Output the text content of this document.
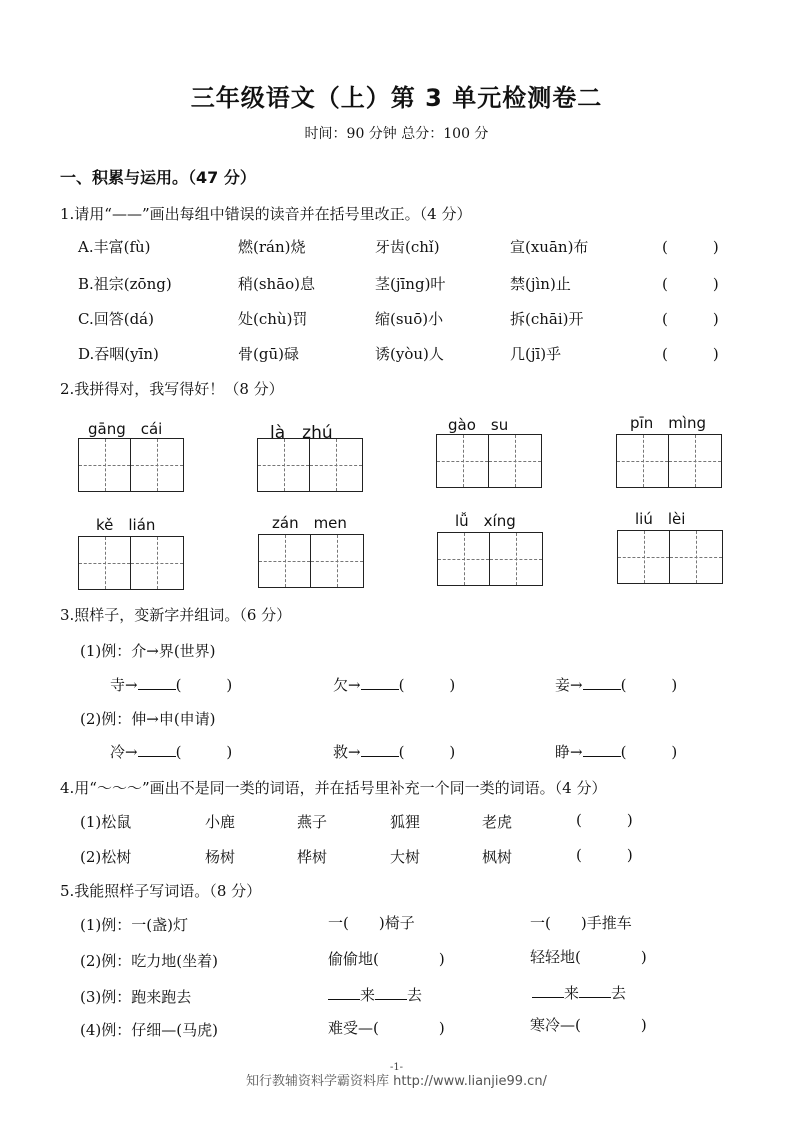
三年级语文（上）第 3 单元检测卷二
时间：90 分钟 总分：100 分
一、积累与运用。（47 分）
1.请用“——”画出每组中错误的读音并在括号里改正。（4 分）
A.丰富(fù)	燃(rán)烧	牙齿(chǐ)	宣(xuān)布	(　　　)
B.祖宗(zōng)	稍(shāo)息	茎(jīng)叶	禁(jìn)止	(　　　)
C.回答(dá)	处(chù)罚	缩(suō)小	拆(chāi)开	(　　　)
D.吞咽(yīn)	骨(gū)碌	诱(yòu)人	几(jī)乎	(　　　)
2.我拼得对，我写得好！（8 分）
gāng　cái	là　zhú	gào　su	pīn　mìng
kě　lián	zán　men	lǚ　xíng	liú　lèi
3.照样子，变新字并组词。（6 分）
(1)例：介→界(世界)
寺→	(　　　)	欠→	(　　　)	妾→	(　　　)
(2)例：伸→申(申请)
冷→	(　　　)	救→	(　　　)	睁→	(　　　)
4.用“～～～”画出不是同一类的词语，并在括号里补充一个同一类的词语。（4 分）
(1)松鼠	小鹿	燕子	狐狸	老虎	(　　　)
(2)松树	杨树	桦树	大树	枫树	(　　　)
5.我能照样子写词语。（8 分）
(1)例：一(盏)灯	一(　　)椅子	一(　　)手推车
(2)例：吃力地(坐着)	偷偷地(　　　　)	轻轻地(　　　　)
(3)例：跑来跑去	来 去	来 去
(4)例：仔细—(马虎)	难受—(　　　　)	寒冷—(　　　　)
-1-
知行教辅资料学霸资料库 http://www.lianjie99.cn/
